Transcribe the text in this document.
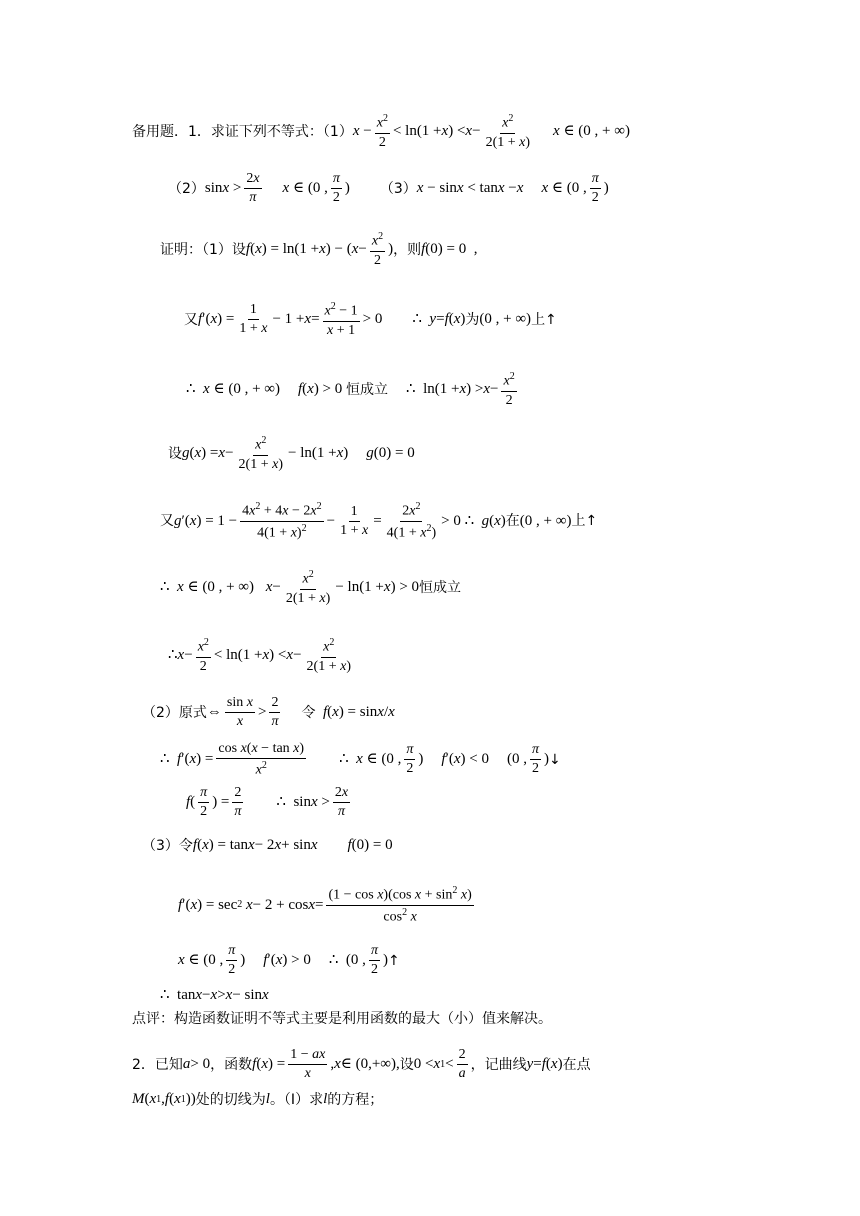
备用题．1．求证下列不等式：（1） $x - \frac{x^2}{2} < \ln(1 + x$ ) < $x - \frac{x^2}{2(1 + x)}$ x ∈ (0 , + ∞)
（2） $\sin x > \frac{2x}{\pi}$ x ∈ (0 , $\frac{\pi}{2}$ ) （3） x − sin x < tan x − x x ∈ (0 , $\frac{\pi}{2}$ )
证明：（1）设 f ( x ) = ln(1 + x ) − ( $x - \frac{x^2}{2}$ ) ，则 f (0) = 0  ,
又 f ′( x ) = $\frac{1}{1 + x} - 1 + x = \frac{x^2 - 1}{x + 1} > 0$ ∴ y = f ( x ) 为 (0 , + ∞) 上↑
∴ x ∈ (0 , + ∞) f ( x ) > 0 恒成立 ∴  ln(1 + x ) > $x - \frac{x^2}{2}$
设 g ( x ) = $x - \frac{x^2}{2(1 + x)} - \ln(1 + x$ ) g (0) = 0
又 g ′( x ) = $1 - \frac{4x^2 + 4x - 2x^2}{4(1 + x)^2} - \frac{1}{1 + x} = \frac{2x^2}{4(1 + x^2)} > 0$ ∴ g ( x ) 在 (0 , + ∞) 上↑
∴ x ∈ (0 , + ∞)
$x - \frac{x^2}{2(1 + x)} - \ln(1 + x$ ) > 0 恒成立
∴ $x - \frac{x^2}{2} < \ln(1 + x$ ) < $x - \frac{x^2}{2(1 + x)}$
（2）原式 ⇔ $\frac{\text{sin x}}{x} > \frac{2}{\pi}$ 令
f ( x ) = sin x / x
∴ f ′( x ) = $\frac{\text{cos x(x − tan x)}}{x^2}$ ∴ x ∈ (0 , $\frac{\pi}{2}$ ) f ′( x ) < 0 (0 , $\frac{\pi}{2}$ ) ↓
f ( $\frac{\pi}{2}$ ) = $\frac{2}{\pi}$ ∴  $\sin x > \frac{2x}{\pi}$
（3）令 f ( x ) = tan x − 2 x + sin x f (0) = 0
f ′( x ) = sec 2
$x - 2 + \cos x = \frac{(1 - \cos x)(\cos x + \sin^2 x)}{\cos^2 x}$
x ∈ (0 , $\frac{\pi}{2}$ ) f ′( x ) > 0 ∴  (0 , $\frac{\pi}{2}$ ) ↑
∴  tan x − x > x − sin x
点评：构造函数证明不等式主要是利用函数的最大（小）值来解决。
2．已知 a > 0 ，函数 f ( x ) = $\frac{1 - ax}{x}$ , x ∈ (0,+∞), 设 0 < x $1 < \frac{2}{a}$ ，记曲线 y = f ( x ) 在点
M ( x 1 , f ( x 1 )) 处的切线为 l 。（Ⅰ）求 l 的方程；
